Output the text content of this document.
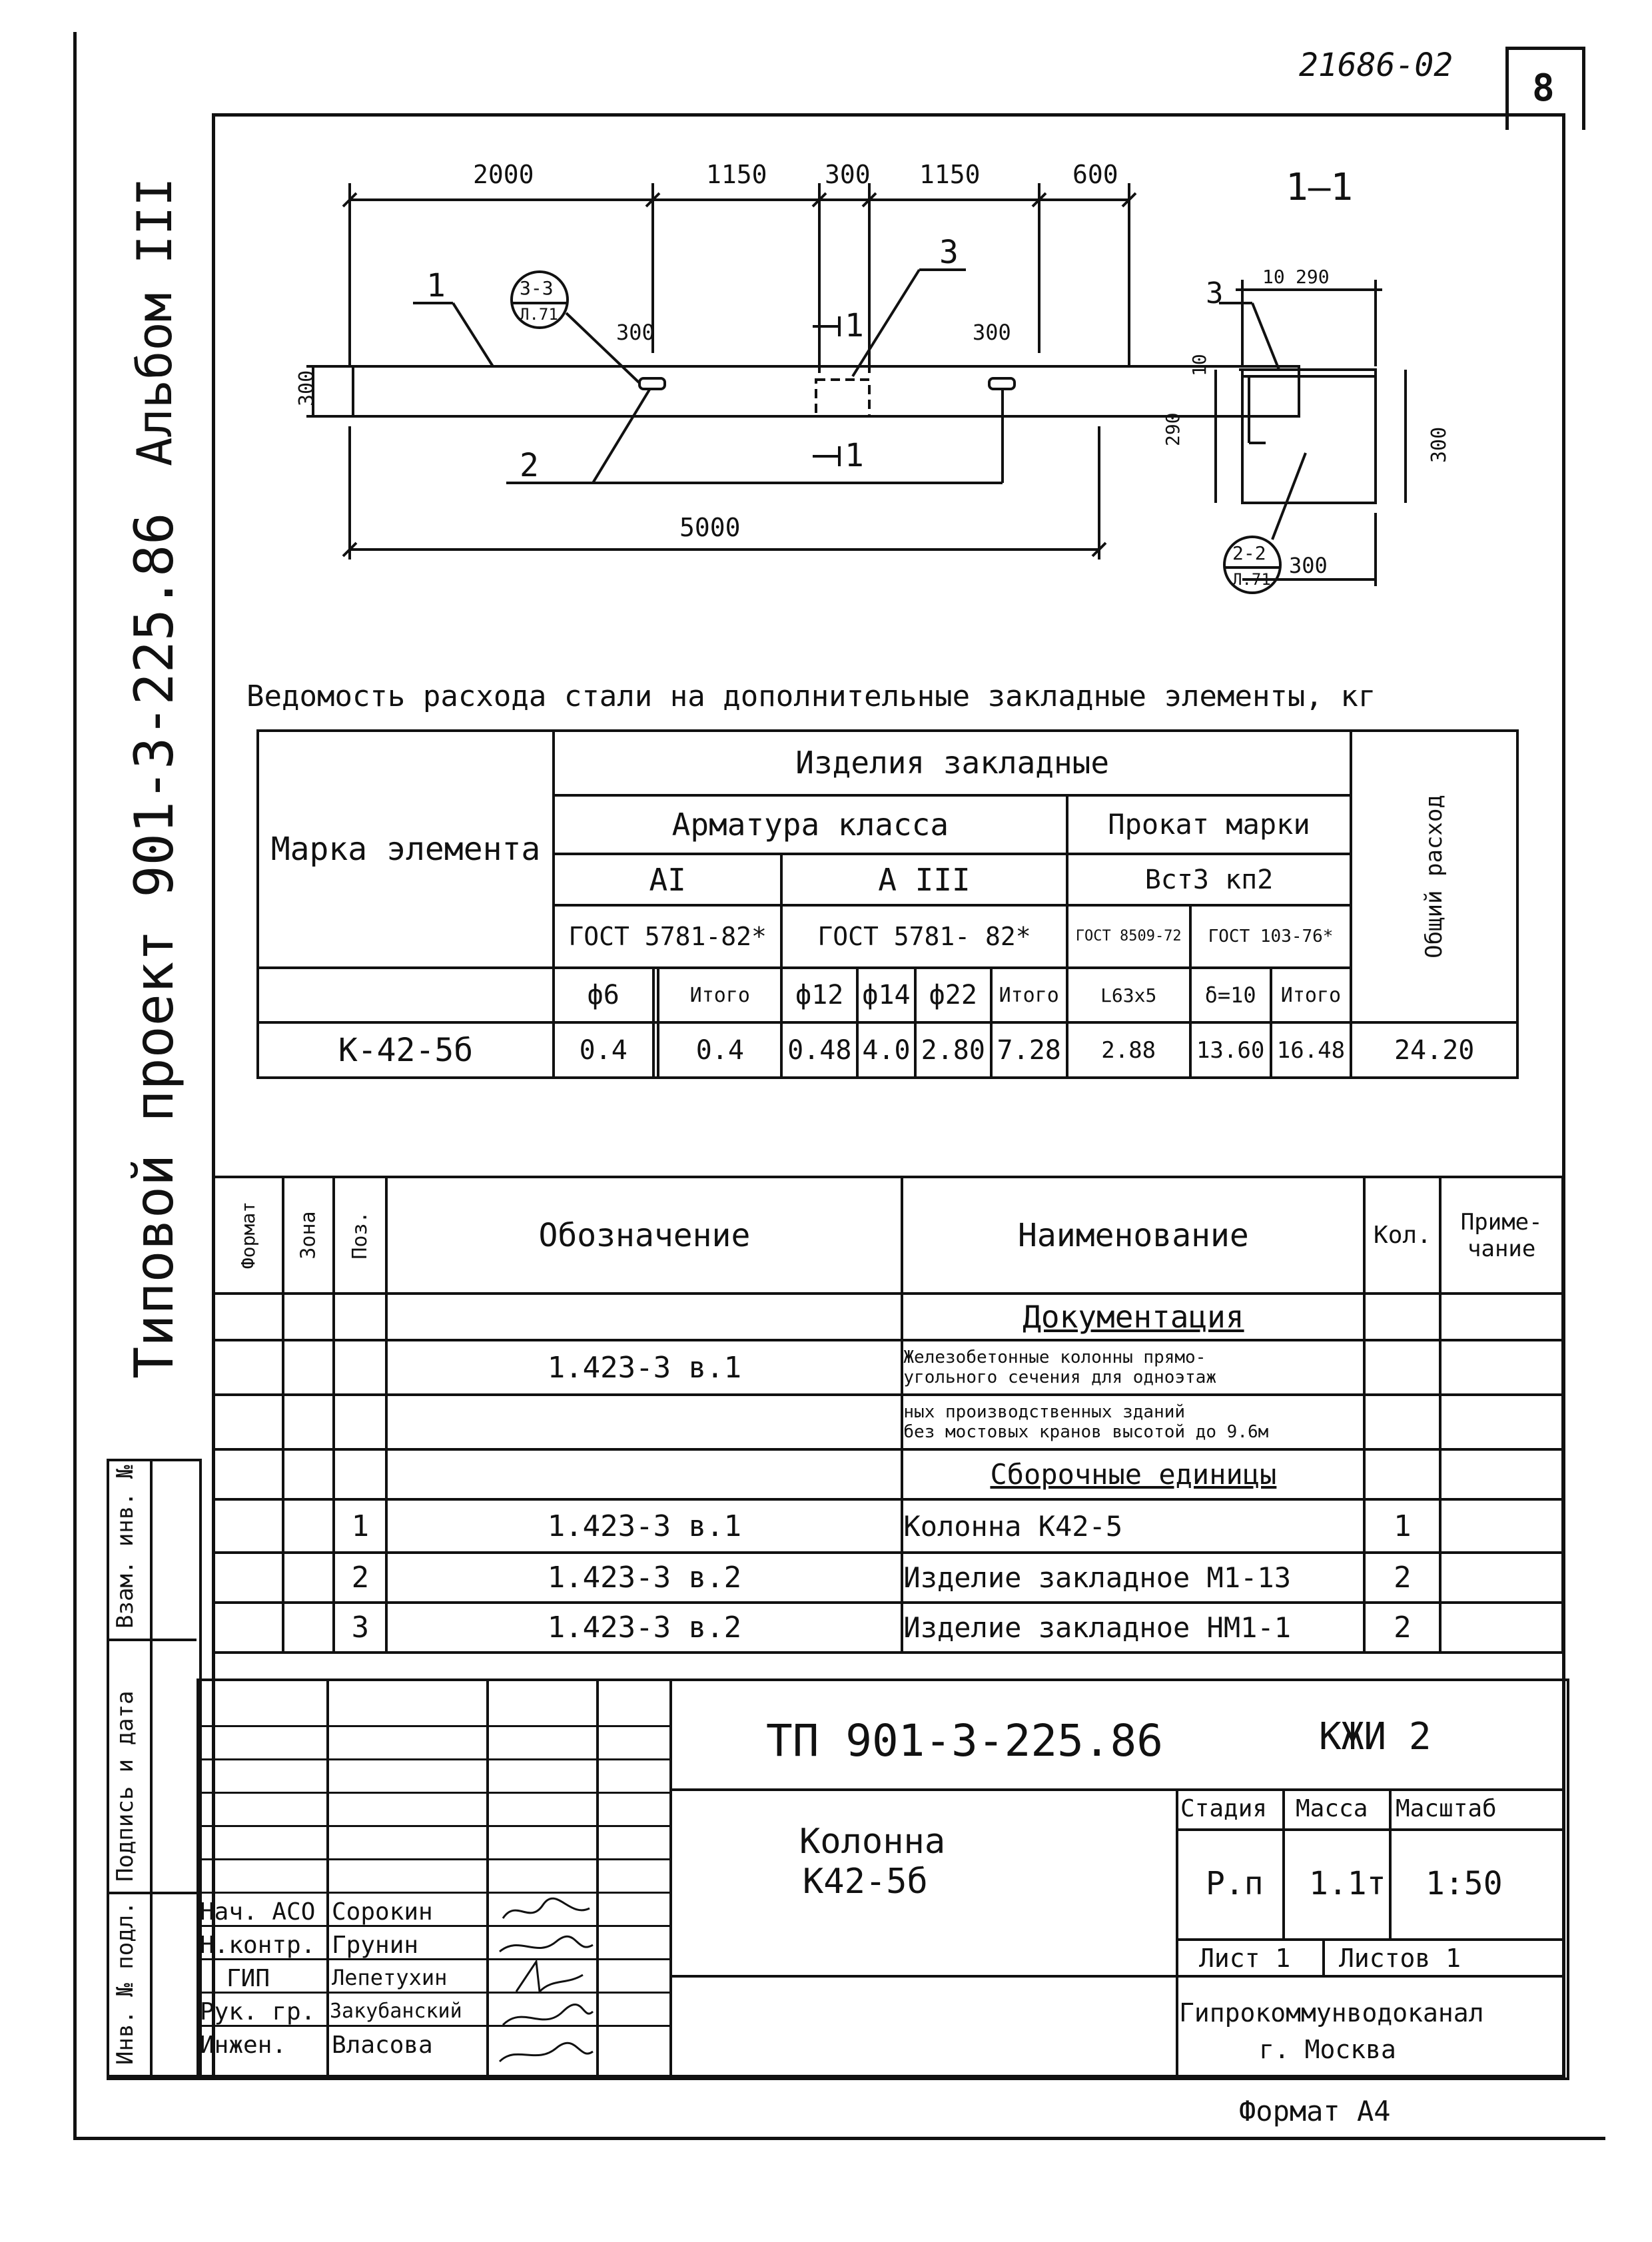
21686-02
8
Альбом III
Типовой проект 901-3-225.86
Инв. № подл.
Подпись и дата
Взам. инв. №
2000	1150 300 1150	600
5000
300
300	300
1
2
3
3-3
Л.71	1
1
1—1
10 290
290
10
300
300
3
2-2
Л.71
Ведомость расхода стали на дополнительные закладные элементы, кг
Марка элемента	Изделия закладные										Общий расход

	Арматура класса							Прокат марки			
	AI			A III				Вст3 кп2			
	ГОСТ 5781-82*			ГОСТ 5781- 82*				ГОСТ 8509-72	ГОСТ 103-76*		
	ф6		Итого	ф12	ф14	ф22	Итого	L63x5	δ=10	Итого	
К-42-5б	0.4		0.4	0.48	4.0	2.80	7.28	2.88	13.60	16.48	24.20
Формат	Зона	Поз.	Обозначение	Наименование	Кол.	Приме-чание
				Документация		
			1.423-3 в.1	Железобетонные колонны прямо-
угольного сечения для одноэтаж		

				ных производственных зданий
без мостовых кранов высотой до 9.6м		

				Сборочные единицы		
		1	1.423-3 в.1	Колонна К42-5	1	
		2	1.423-3 в.2	Изделие закладное М1-13	2	
		3	1.423-3 в.2	Изделие закладное НМ1-1	2	
Нач. АСО Сорокин
Н.контр. Грунин
ГИП	Лепетухин
Рук. гр. Закубанский
Инжен. Власова
ТП 901-3-225.86	КЖИ 2
Колонна
К42-5б
Стадия Масса Масштаб
Р.п 1.1т 1:50
Лист 1 Листов 1
Гипрокоммунводоканал
г. Москва
Формат А4
